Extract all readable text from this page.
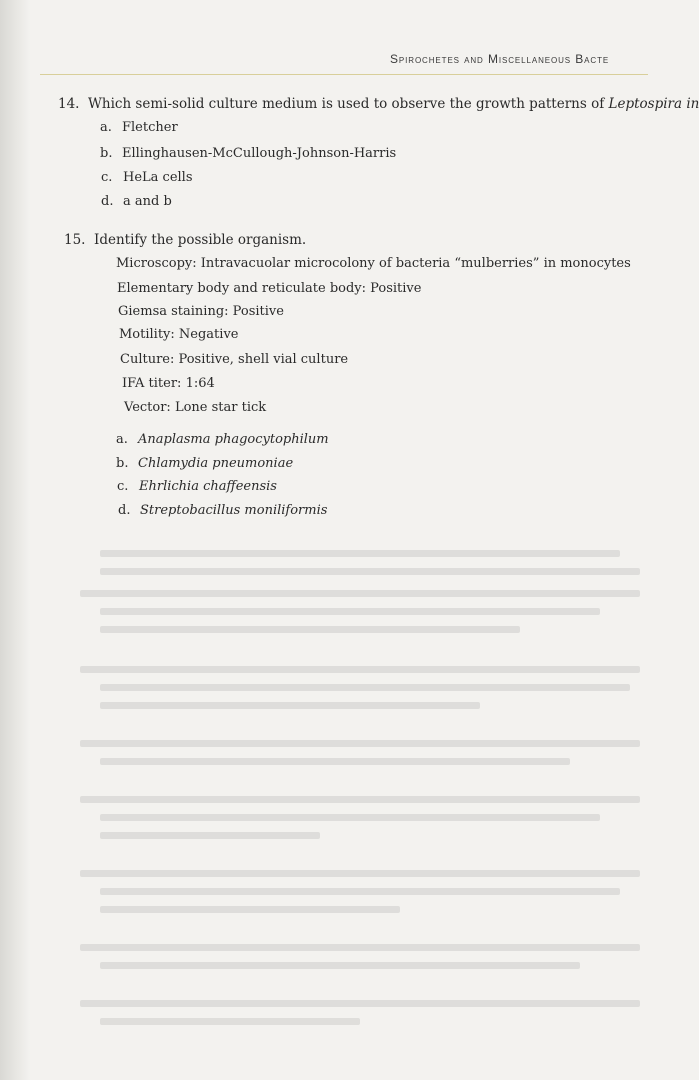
Spirochetes and Miscellaneous Bacte
14. Which semi-solid culture medium is used to observe the growth patterns of Leptospira in
a. Fletcher
b. Ellinghausen-McCullough-Johnson-Harris
c. HeLa cells
d. a and b
15. Identify the possible organism.
Microscopy: Intravacuolar microcolony of bacteria “mulberries” in monocytes
Elementary body and reticulate body: Positive
Giemsa staining: Positive
Motility: Negative
Culture: Positive, shell vial culture
IFA titer: 1:64
Vector: Lone star tick
a. Anaplasma phagocytophilum
b. Chlamydia pneumoniae
c. Ehrlichia chaffeensis
d. Streptobacillus moniliformis
